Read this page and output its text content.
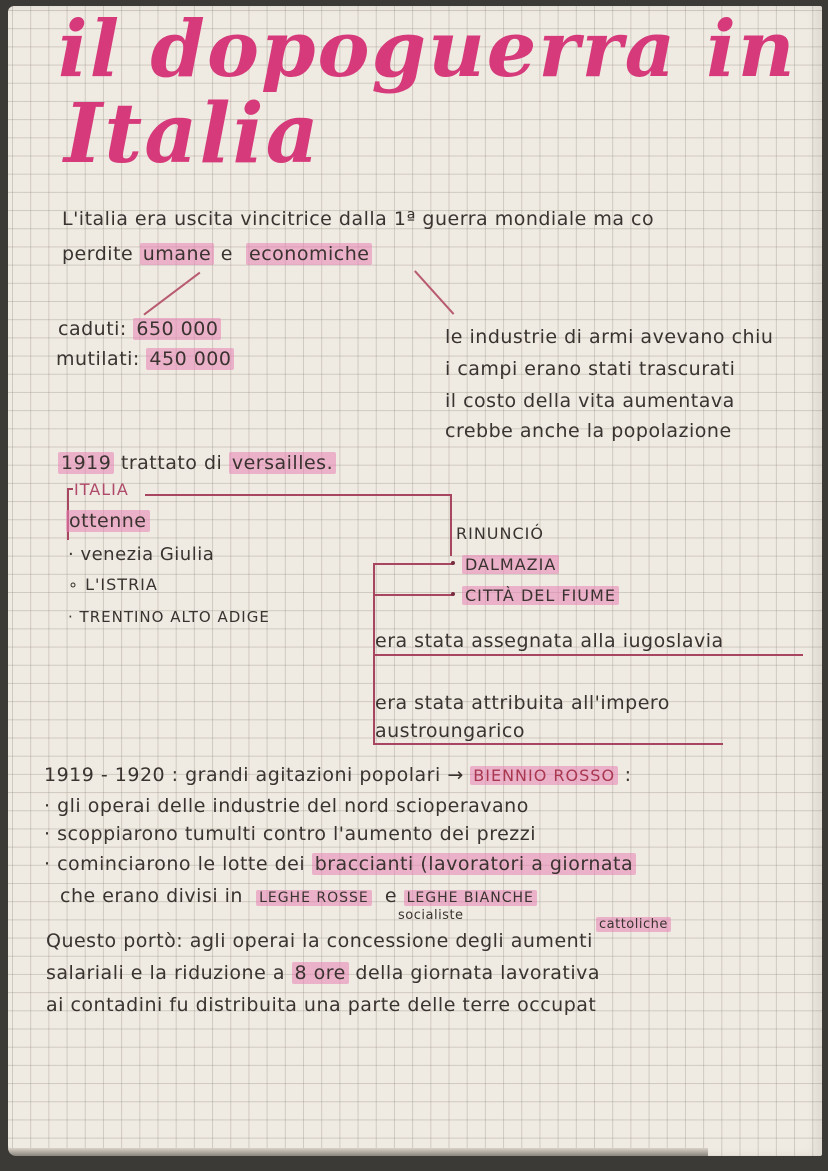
il dopoguerra in
Italia
L'italia era uscita vincitrice dalla 1ª guerra mondiale ma co
perdite umane e economiche
caduti: 650 000
mutilati: 450 000
le industrie di armi avevano chiu
i campi erano stati trascurati
il costo della vita aumentava
crebbe anche la popolazione
1919 trattato di versailles.
ITALIA
ottenne
· venezia Giulia
∘ L'ISTRIA
· TRENTINO ALTO ADIGE
RINUNCIÓ
DALMAZIA
CITTÀ DEL FIUME
era stata assegnata alla iugoslavia
era stata attribuita all'impero
austroungarico
1919 - 1920 : grandi agitazioni popolari → BIENNIO ROSSO :
· gli operai delle industrie del nord scioperavano
· scoppiarono tumulti contro l'aumento dei prezzi
· cominciarono le lotte dei braccianti (lavoratori a giornata
che erano divisi in LEGHE ROSSE e LEGHE BIANCHE
socialiste
cattoliche
Questo portò: agli operai la concessione degli aumenti
salariali e la riduzione a 8 ore della giornata lavorativa
ai contadini fu distribuita una parte delle terre occupat
